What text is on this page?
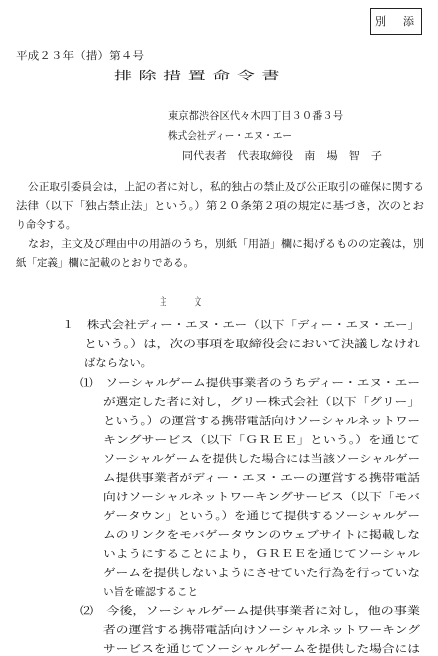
別　添
平成２３年（措）第４号
排除措置命令書
東京都渋谷区代々木四丁目３０番３号
株式会社ディー・エヌ・エー
同代表者　代表取締役　南　場　智　子
公正取引委員会は，上記の者に対し，私的独占の禁止及び公正取引の確保に関する
法律（以下「独占禁止法」という。）第２０条第２項の規定に基づき，次のとお
り命令する。
なお，主文及び理由中の用語のうち，別紙「用語」欄に掲げるものの定義は，別
紙「定義」欄に記載のとおりである。
主　文
１　株式会社ディー・エヌ・エー（以下「ディー・エヌ・エー」
という。）は，次の事項を取締役会において決議しなけれ
ばならない。
⑴　ソーシャルゲーム提供事業者のうちディー・エヌ・エー
が選定した者に対し，グリー株式会社（以下「グリー」
という。）の運営する携帯電話向けソーシャルネットワー
キングサービス（以下「ＧＲＥＥ」という。）を通じて
ソーシャルゲームを提供した場合には当該ソーシャルゲー
ム提供事業者がディー・エヌ・エーの運営する携帯電話
向けソーシャルネットワーキングサービス（以下「モバ
ゲータウン」という。）を通じて提供するソーシャルゲー
ムのリンクをモバゲータウンのウェブサイトに掲載しな
いようにすることにより，ＧＲＥＥを通じてソーシャル
ゲームを提供しないようにさせていた行為を行っていな
い旨を確認すること
⑵　今後，ソーシャルゲーム提供事業者に対し，他の事業
者の運営する携帯電話向けソーシャルネットワーキング
サービスを通じてソーシャルゲームを提供した場合には
